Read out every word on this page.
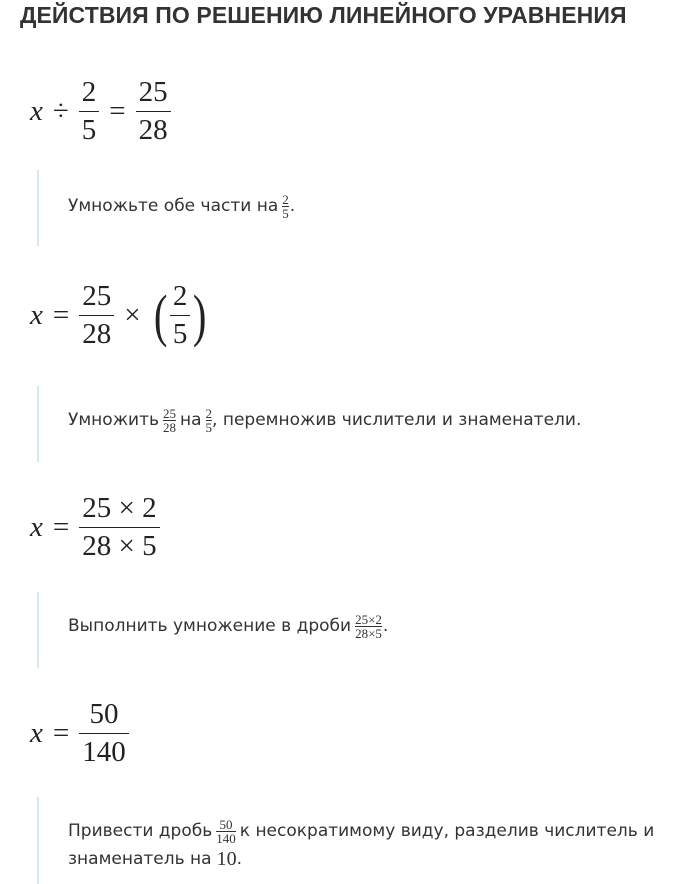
ДЕЙСТВИЯ ПО РЕШЕНИЮ ЛИНЕЙНОГО УРАВНЕНИЯ
$x \div \frac{2}{5} = \frac{25}{28}$
Умножьте обе части на $\frac{2}{5}$ .
$x = \frac{25}{28}$ × ( $\frac{2}{5}$ )
Умножить $\frac{25}{28}$ на $\frac{2}{5}$ , перемножив числители и знаменатели.
$x = \frac{25 \times 2}{28 \times 5}$
Выполнить умножение в дроби $\frac{25\times 2}{28\times 5}$ .
$x = \frac{50}{140}$
Привести дробь $\frac{50}{140}$ к несократимому виду, разделив числитель и
знаменатель на 10 .
